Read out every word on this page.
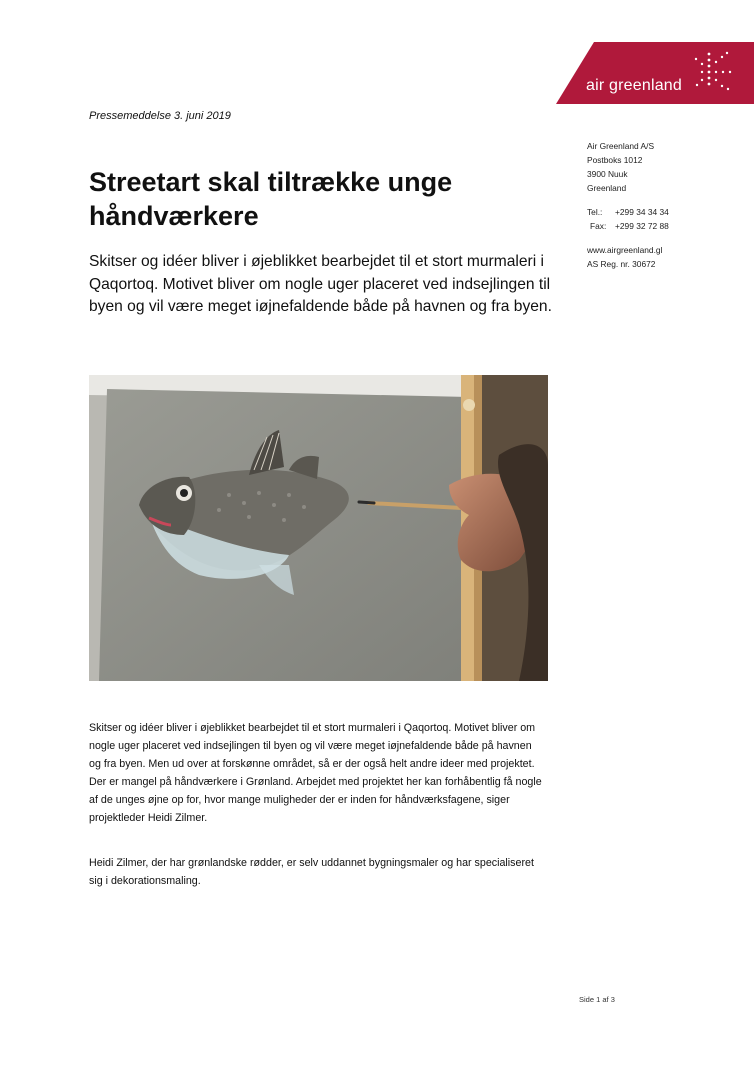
air greenland
Pressemeddelse 3. juni 2019
Air Greenland A/S
Postboks 1012
3900 Nuuk
Greenland
Tel.: +299 34 34 34
Fax: +299 32 72 88
www.airgreenland.gl
AS Reg. nr. 30672
Streetart skal tiltrække unge håndværkere

Skitser og idéer bliver i øjeblikket bearbejdet til et stort murmaleri i Qaqortoq. Motivet bliver om nogle uger placeret ved indsejlingen til byen og vil være meget iøjnefaldende både på havnen og fra byen.

Skitser og idéer bliver i øjeblikket bearbejdet til et stort murmaleri i Qaqortoq. Motivet bliver om nogle uger placeret ved indsejlingen til byen og vil være meget iøjnefaldende både på havnen og fra byen. Men ud over at forskønne området, så er der også helt andre ideer med projektet. Der er mangel på håndværkere i Grønland. Arbejdet med projektet her kan forhåbentlig få nogle af de unges øjne op for, hvor mange muligheder der er inden for håndværksfagene, siger projektleder Heidi Zilmer.

Heidi Zilmer, der har grønlandske rødder, er selv uddannet bygningsmaler og har specialiseret sig i dekorationsmaling.

Side 1 af 3
